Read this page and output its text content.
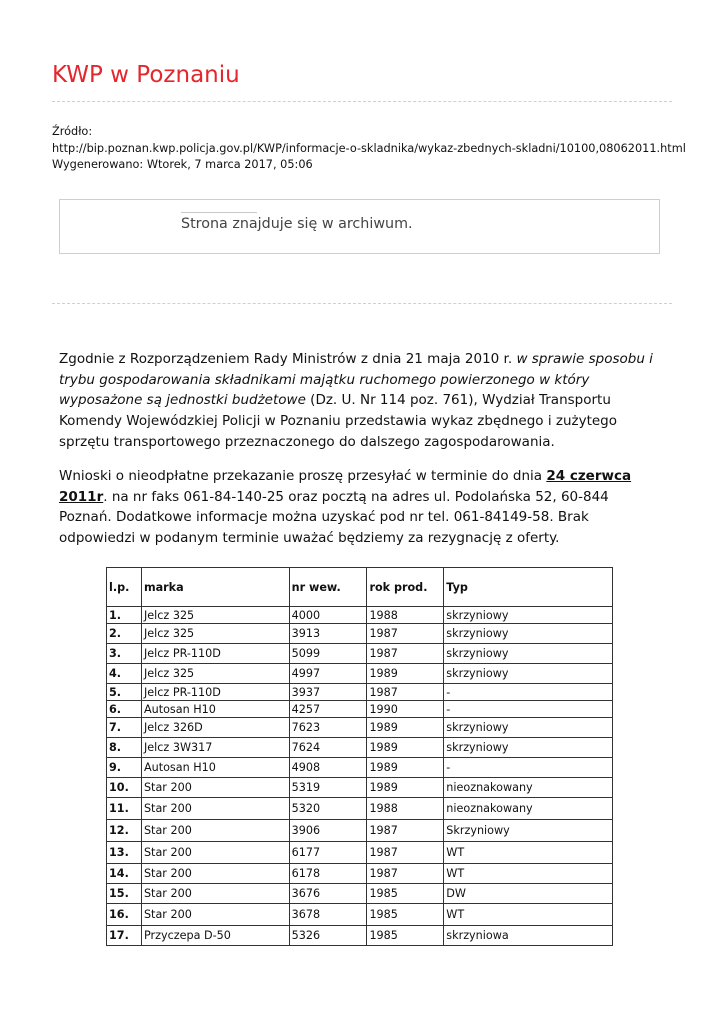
KWP w Poznaniu
Źródło:
http://bip.poznan.kwp.policja.gov.pl/KWP/informacje-o-skladnika/wykaz-zbednych-skladni/10100,08062011.html
Wygenerowano: Wtorek, 7 marca 2017, 05:06
Strona znajduje się w archiwum.

Zgodnie z Rozporządzeniem Rady Ministrów z dnia 21 maja 2010 r. w sprawie sposobu i trybu gospodarowania składnikami majątku ruchomego powierzonego w który wyposażone są jednostki budżetowe (Dz. U. Nr 114 poz. 761), Wydział Transportu Komendy Wojewódzkiej Policji w Poznaniu przedstawia wykaz zbędnego i zużytego sprzętu transportowego przeznaczonego do dalszego zagospodarowania.

Wnioski o nieodpłatne przekazanie proszę przesyłać w terminie do dnia 24 czerwca 2011r. na nr faks 061-84-140-25 oraz pocztą na adres ul. Podolańska 52, 60-844 Poznań. Dodatkowe informacje można uzyskać pod nr tel. 061-84149-58. Brak odpowiedzi w podanym terminie uważać będziemy za rezygnację z oferty.

l.p.	marka	nr wew.	rok prod.	Typ
1.	Jelcz 325	4000	1988	skrzyniowy
2.	Jelcz 325	3913	1987	skrzyniowy
3.	Jelcz PR-110D	5099	1987	skrzyniowy
4.	Jelcz 325	4997	1989	skrzyniowy
5.	Jelcz PR-110D	3937	1987	-
6.	Autosan H10	4257	1990	-
7.	Jelcz 326D	7623	1989	skrzyniowy
8.	Jelcz 3W317	7624	1989	skrzyniowy
9.	Autosan H10	4908	1989	-
10.	Star 200	5319	1989	nieoznakowany
11.	Star 200	5320	1988	nieoznakowany
12.	Star 200	3906	1987	Skrzyniowy
13.	Star 200	6177	1987	WT
14.	Star 200	6178	1987	WT
15.	Star 200	3676	1985	DW
16.	Star 200	3678	1985	WT
17.	Przyczepa D-50	5326	1985	skrzyniowa
